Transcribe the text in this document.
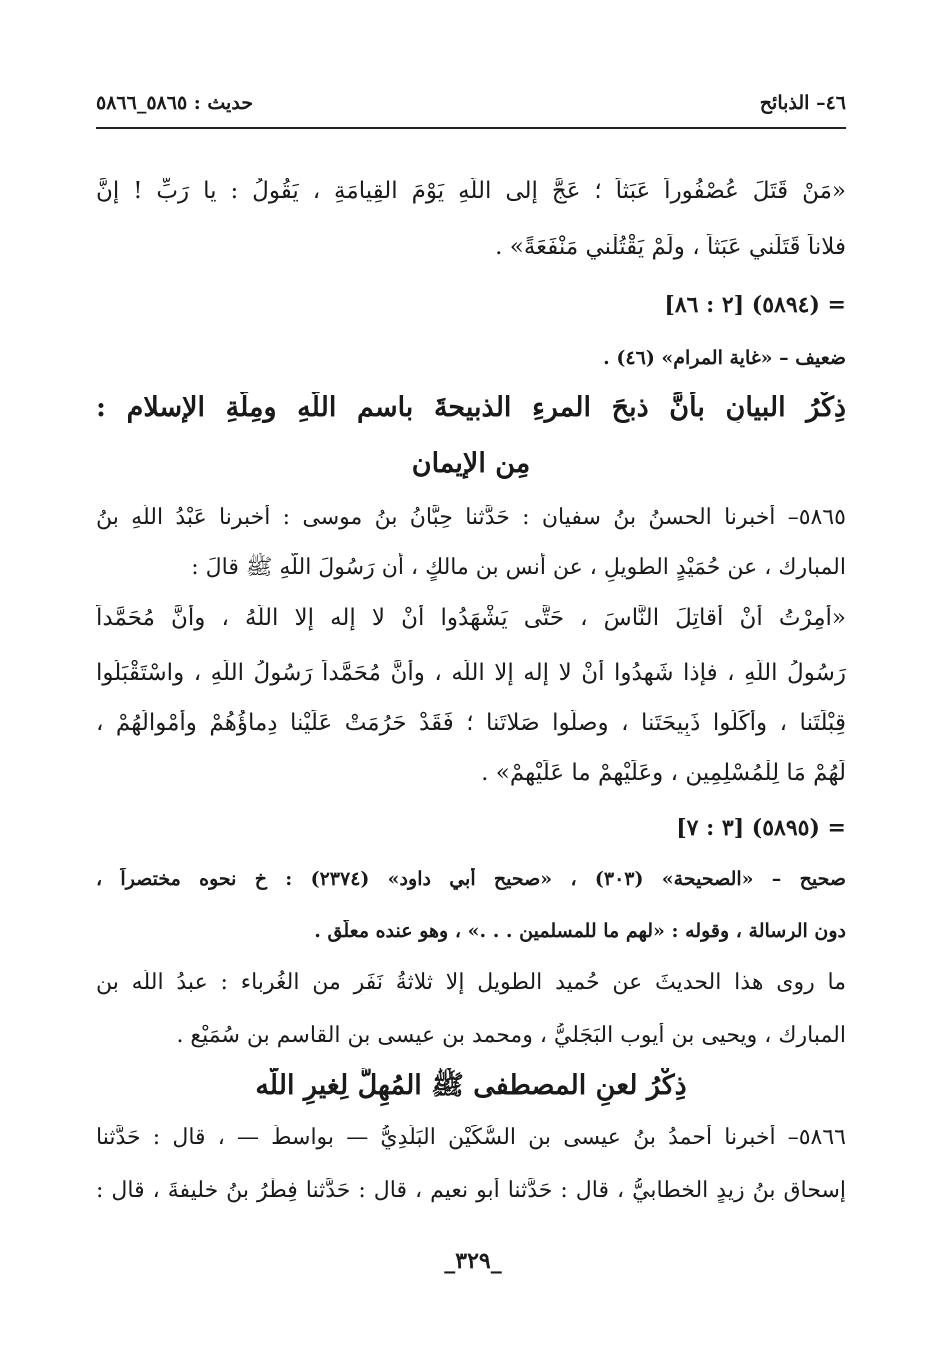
٤٦– الذبائح
حديث : ٥٨٦٥_٥٨٦٦
«مَنْ قَتَلَ عُصْفُوراً عَبَثاً ؛ عَجَّ إلى اللَّهِ يَوْمَ القِيامَةِ ، يَقُولُ : يا رَبِّ ! إنَّ
فلاناً قَتَلَني عَبَثاً ، ولَمْ يَقْتُلْني مَنْفَعَةً» .
= (٥٨٩٤) [٢ : ٨٦]
ضعيف – «غاية المرام» (٤٦) .
ذِكْرُ البيانِ بأنَّ ذبحَ المرءِ الذبيحةَ باسمِ اللَّهِ ومِلَّةِ الإسلامِ :
مِن الإيمان
٥٨٦٥– أخبرنا الحسنُ بنُ سفيان : حَدَّثنا حِبَّانُ بنُ موسى : أخبرنا عَبْدُ اللَّهِ بنُ
المبارك ، عن حُمَيْدٍ الطويلِ ، عن أنس بن مالكٍ ، أن رَسُولَ اللَّهِ ﷺ قالَ :
«أُمِرْتُ أنْ أُقاتِلَ النَّاسَ ، حَتَّى يَشْهَدُوا أنْ لا إله إلا اللَّهُ ، وأنَّ مُحَمَّداً
رَسُولُ اللَّهِ ، فإذا شَهِدُوا أنْ لا إله إلا اللَّه ، وأَنَّ مُحَمَّداً رَسُولُ اللَّهِ ، واسْتَقْبَلُوا
قِبْلَتَنا ، وأَكَلُوا ذَبِيحَتَنا ، وصلَّوا صَلاتَنا ؛ فَقَدْ حَرُمَتْ عَلَيْنا دِماؤُهُمْ وأَمْوالُهُمْ ،
لَهُمْ مَا لِلْمُسْلِمِين ، وعَلَيْهِمْ ما عَلَيْهِمْ» .
= (٥٨٩٥) [٣ : ٧]
صحيح – «الصحيحة» (٣٠٣) ، «صحيح أبي داود» (٢٣٧٤) : خ نحوه مختصراً ،
دون الرسالة ، وقوله : «لهم ما للمسلمين . . .» ، وهو عنده معلّق .
ما روى هذا الحديثَ عن حُميد الطويل إلا ثلاثةُ نَفَرٍ من الغُرباء : عبدُ اللَّه بن
المبارك ، ويحيى بن أيوب البَجَليُّ ، ومحمد بن عيسى بن القاسم بن سُمَيْعٍ .
ذِكْرُ لعنِ المصطفى ﷺ المُهِلَّ لِغيرِ اللَّه
٥٨٦٦– أخبرنا أحمدُ بنُ عيسى بنِ السُّكَيْنِ البَلَدِيُّ — بواسطَ — ، قال : حَدَّثنا
إسحاق بنُ زيدٍ الخطابيُّ ، قال : حَدَّثنا أبو نعيم ، قال : حَدَّثنا فِطْرُ بنُ خليفةَ ، قال :
_٣٢٩_
